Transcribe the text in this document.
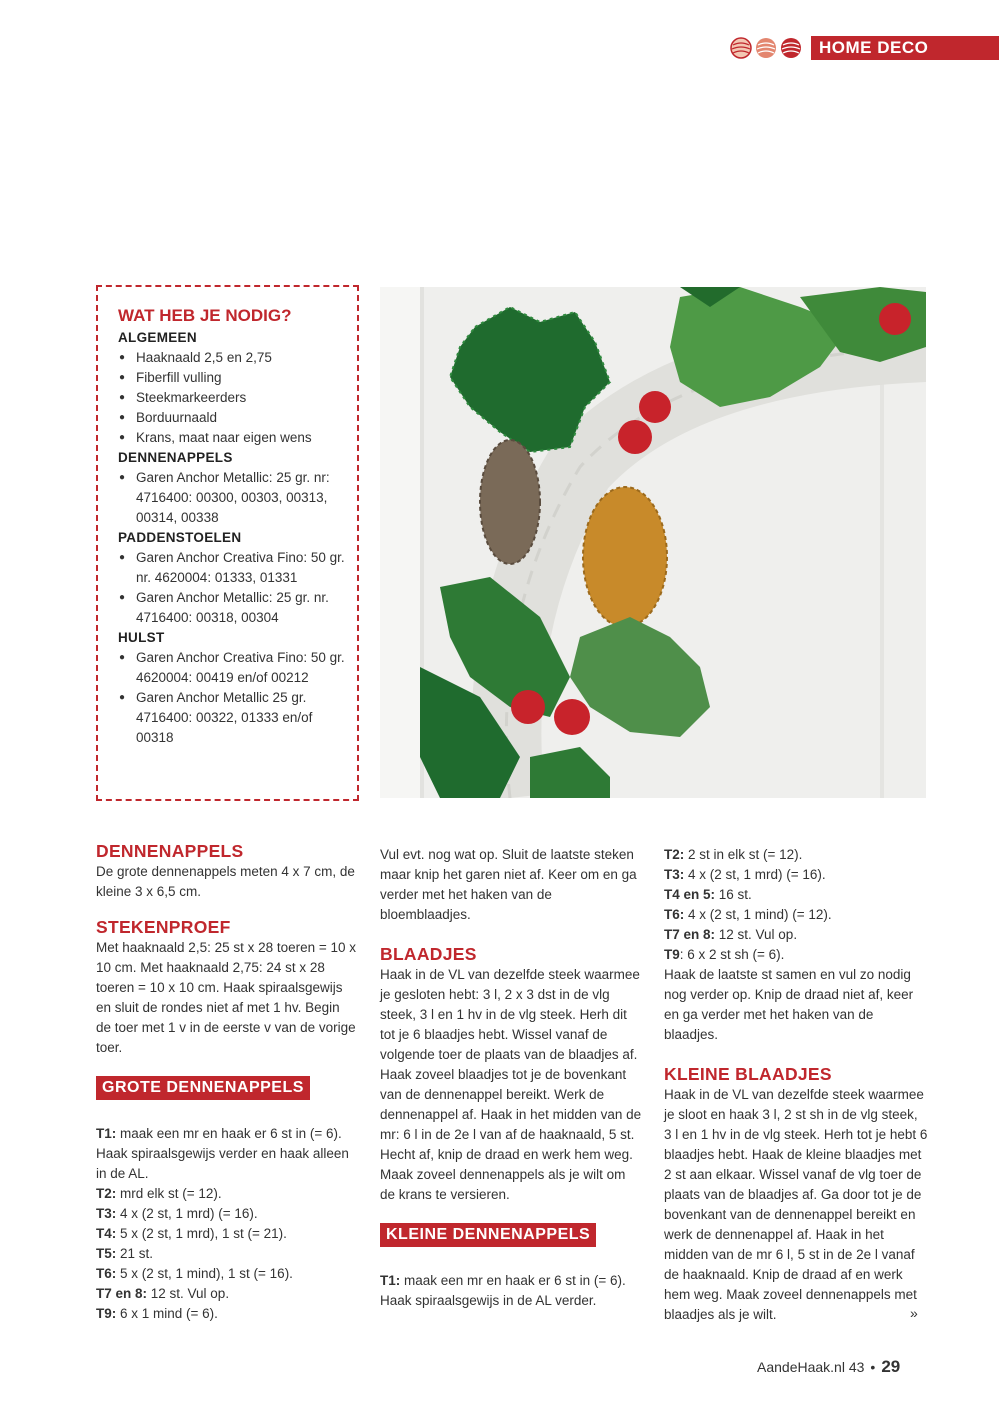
HOME DECO
WAT HEB JE NODIG?
ALGEMEEN
● Haaknaald 2,5 en 2,75
● Fiberfill vulling
● Steekmarkeerders
● Borduurnaald
● Krans, maat naar eigen wens
DENNENAPPELS
● Garen Anchor Metallic: 25 gr. nr: 4716400: 00300, 00303, 00313, 00314, 00338
PADDENSTOELEN
● Garen Anchor Creativa Fino: 50 gr. nr. 4620004: 01333, 01331
● Garen Anchor Metallic: 25 gr. nr. 4716400: 00318, 00304
HULST
● Garen Anchor Creativa Fino: 50 gr. 4620004: 00419 en/of 00212
● Garen Anchor Metallic 25 gr. 4716400: 00322, 01333 en/of 00318
DENNENAPPELS

De grote dennenappels meten 4 x 7 cm, de kleine 3 x 6,5 cm.

STEKENPROEF

Met haaknaald 2,5: 25 st x 28 toeren = 10 x 10 cm. Met haaknaald 2,75: 24 st x 28 toeren = 10 x 10 cm. Haak spiraalsgewijs en sluit de rondes niet af met 1 hv. Begin de toer met 1 v in de eerste v van de vorige toer.

GROTE DENNENAPPELS

T1: maak een mr en haak er 6 st in (= 6). Haak spiraalsgewijs verder en haak alleen in de AL.

T2: mrd elk st (= 12).

T3: 4 x (2 st, 1 mrd) (= 16).

T4: 5 x (2 st, 1 mrd), 1 st (= 21).

T5: 21 st.

T6: 5 x (2 st, 1 mind), 1 st (= 16).

T7 en 8: 12 st. Vul op.

T9: 6 x 1 mind (= 6).

Vul evt. nog wat op. Sluit de laatste steken maar knip het garen niet af. Keer om en ga verder met het haken van de bloemblaadjes.

BLAADJES

Haak in de VL van dezelfde steek waarmee je gesloten hebt: 3 l, 2 x 3 dst in de vlg steek, 3 l en 1 hv in de vlg steek. Herh dit tot je 6 blaadjes hebt. Wissel vanaf de volgende toer de plaats van de blaadjes af. Haak zoveel blaadjes tot je de bovenkant van de dennenappel bereikt. Werk de dennenappel af. Haak in het midden van de mr: 6 l in de 2e l van af de haaknaald, 5 st. Hecht af, knip de draad en werk hem weg. Maak zoveel dennenappels als je wilt om de krans te versieren.

KLEINE DENNENAPPELS

T1: maak een mr en haak er 6 st in (= 6). Haak spiraalsgewijs in de AL verder.

T2: 2 st in elk st (= 12).

T3: 4 x (2 st, 1 mrd) (= 16).

T4 en 5: 16 st.

T6: 4 x (2 st, 1 mind) (= 12).

T7 en 8: 12 st. Vul op.

T9: 6 x 2 st sh (= 6).

Haak de laatste st samen en vul zo nodig nog verder op. Knip de draad niet af, keer en ga verder met het haken van de blaadjes.

KLEINE BLAADJES

Haak in de VL van dezelfde steek waarmee je sloot en haak 3 l, 2 st sh in de vlg steek, 3 l en 1 hv in de vlg steek. Herh tot je hebt 6 blaadjes hebt. Haak de kleine blaadjes met 2 st aan elkaar. Wissel vanaf de vlg toer de plaats van de blaadjes af. Ga door tot je de bovenkant van de dennenappel bereikt en werk de dennenappel af. Haak in het midden van de mr 6 l, 5 st in de 2e l vanaf de haaknaald. Knip de draad af en werk hem weg. Maak zoveel dennenappels met blaadjes als je wilt.	»
AandeHaak.nl 43 • 29
